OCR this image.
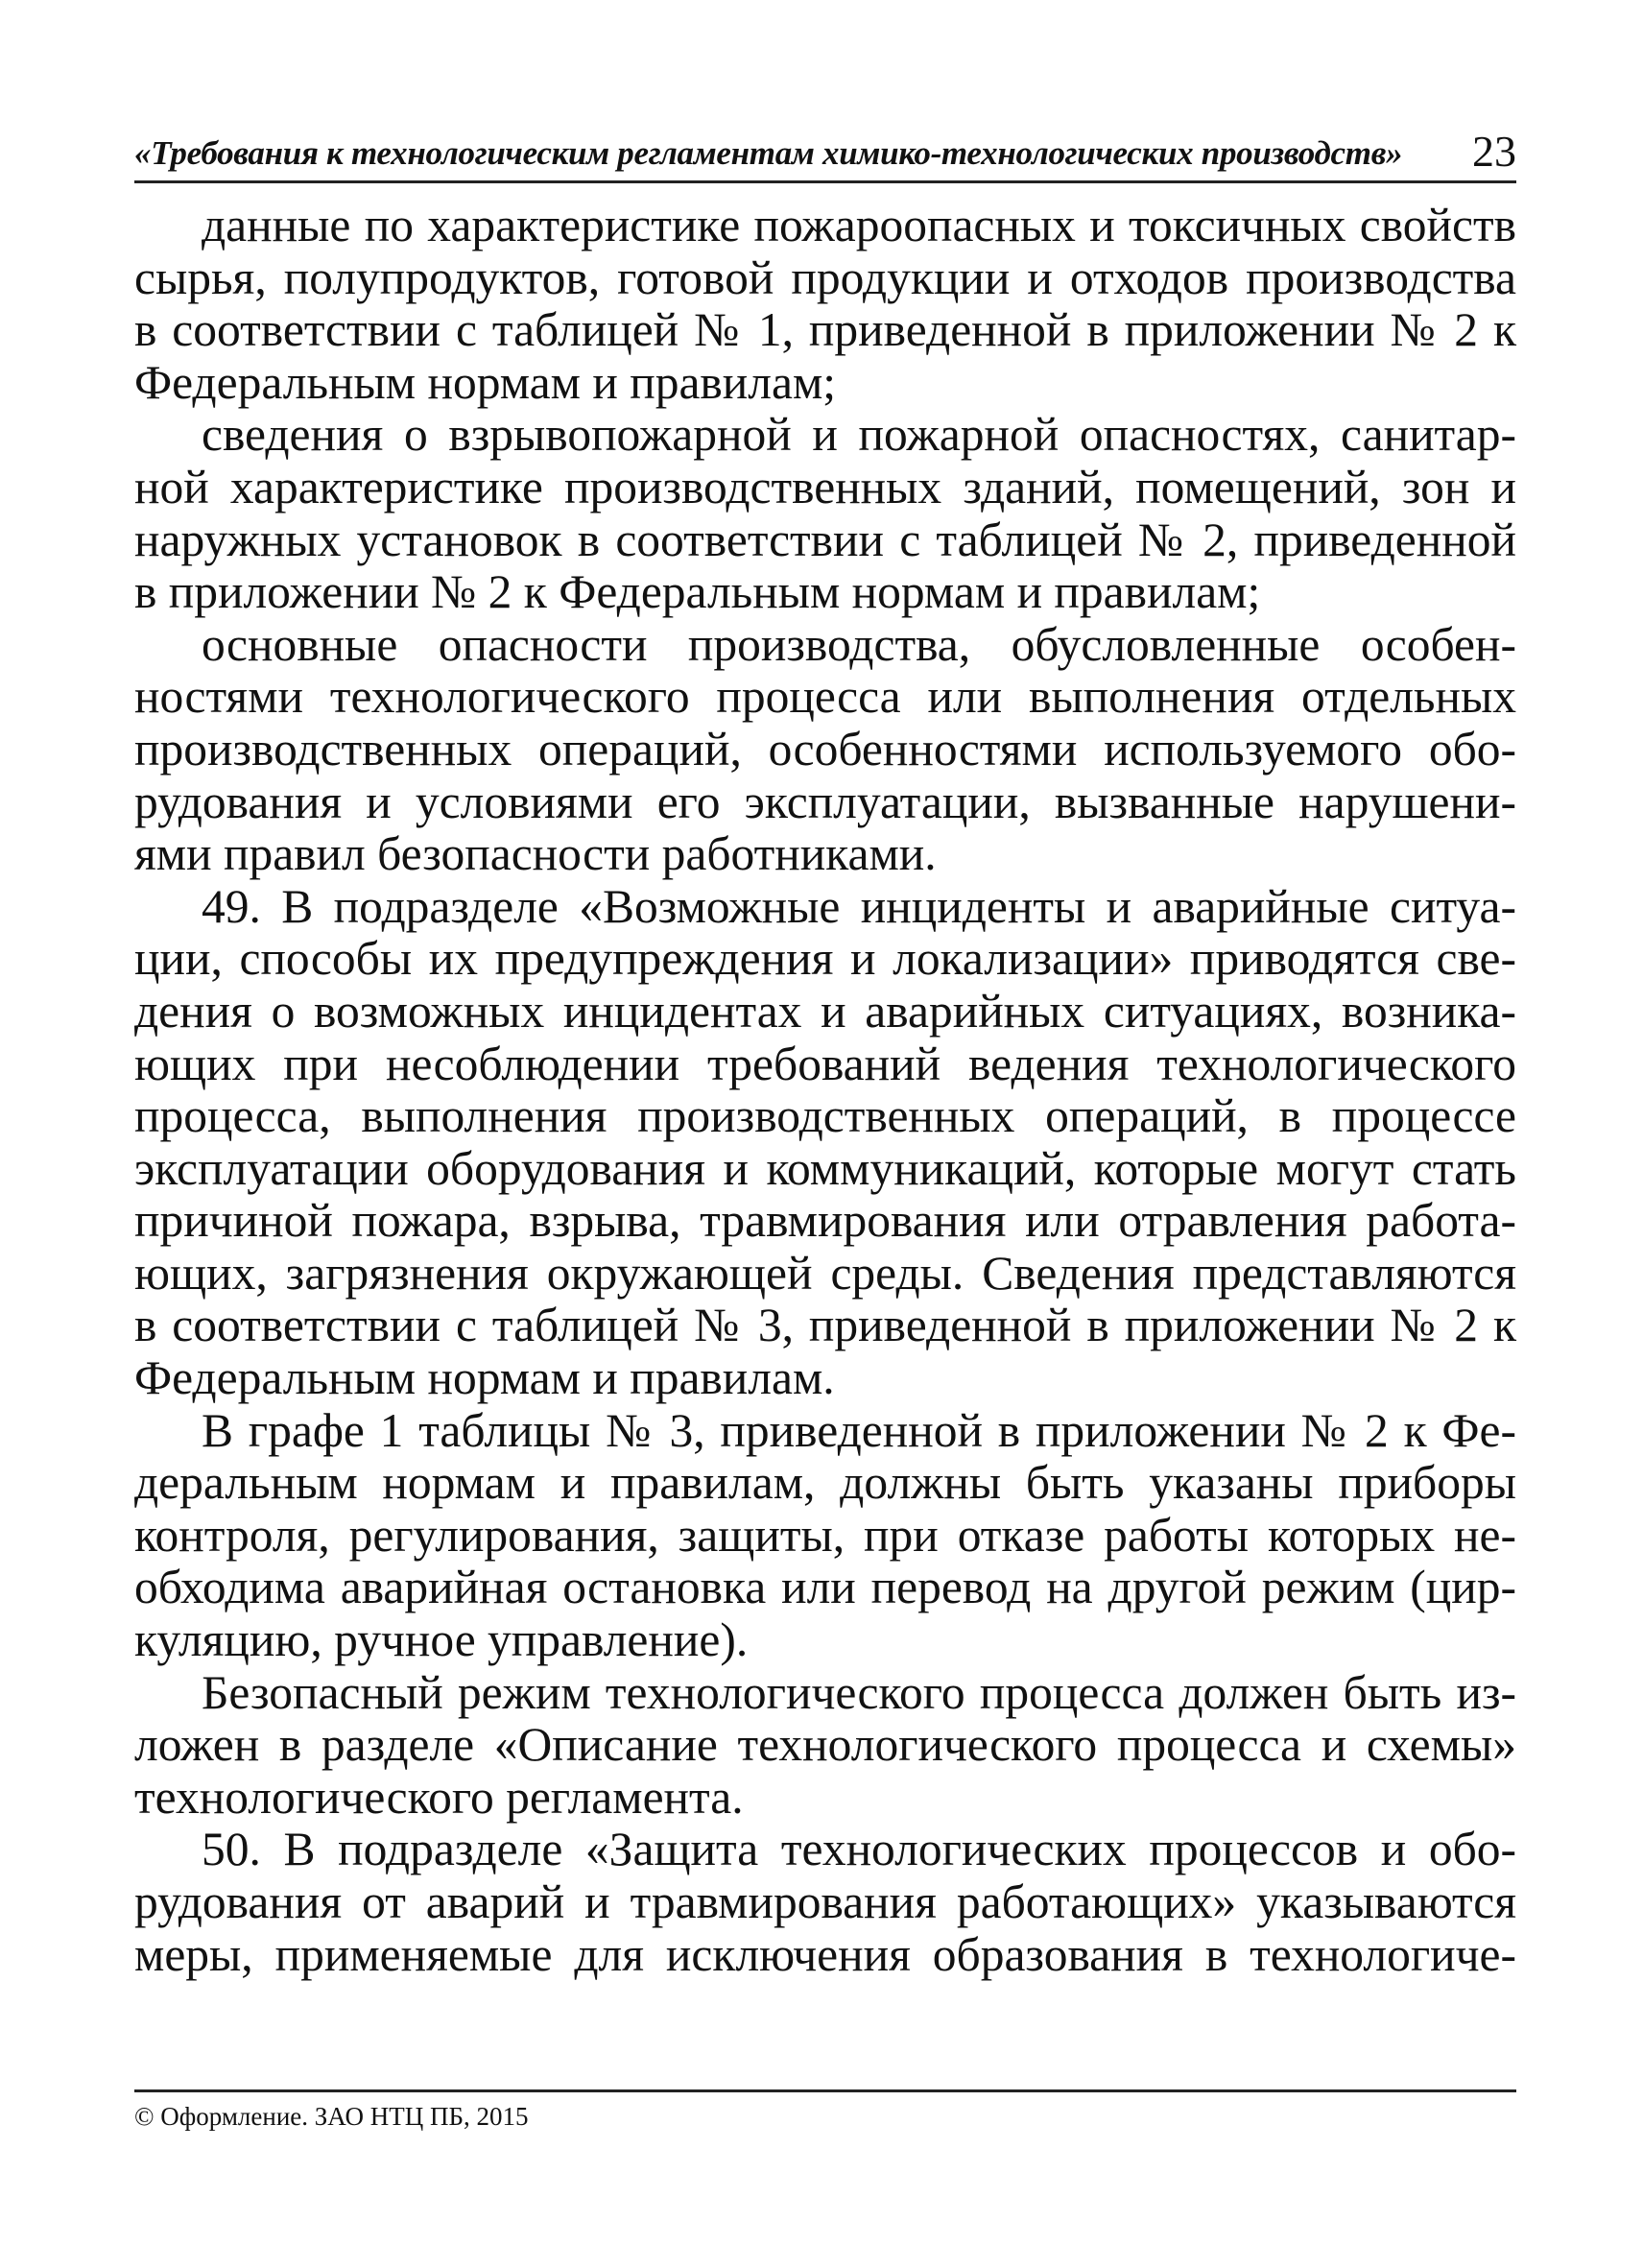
«Требования к технологическим регламентам химико-технологических производств» 23
данные по характеристике пожароопасных и токсичных свойств
сырья, полупродуктов, готовой продукции и отходов производства
в соответствии с таблицей № 1, приведенной в приложении № 2 к
Федеральным нормам и правилам;
сведения о взрывопожарной и пожарной опасностях, санитар-
ной характеристике производственных зданий, помещений, зон и
наружных установок в соответствии с таблицей № 2, приведенной
в приложении № 2 к Федеральным нормам и правилам;
основные опасности производства, обусловленные особен-
ностями технологического процесса или выполнения отдельных
производственных операций, особенностями используемого обо-
рудования и условиями его эксплуатации, вызванные нарушени-
ями правил безопасности работниками.
49. В подразделе «Возможные инциденты и аварийные ситуа-
ции, способы их предупреждения и локализации» приводятся све-
дения о возможных инцидентах и аварийных ситуациях, возника-
ющих при несоблюдении требований ведения технологического
процесса, выполнения производственных операций, в процессе
эксплуатации оборудования и коммуникаций, которые могут стать
причиной пожара, взрыва, травмирования или отравления работа-
ющих, загрязнения окружающей среды. Сведения представляются
в соответствии с таблицей № 3, приведенной в приложении № 2 к
Федеральным нормам и правилам.
В графе 1 таблицы № 3, приведенной в приложении № 2 к Фе-
деральным нормам и правилам, должны быть указаны приборы
контроля, регулирования, защиты, при отказе работы которых не-
обходима аварийная остановка или перевод на другой режим (цир-
куляцию, ручное управление).
Безопасный режим технологического процесса должен быть из-
ложен в разделе «Описание технологического процесса и схемы»
технологического регламента.
50. В подразделе «Защита технологических процессов и обо-
рудования от аварий и травмирования работающих» указываются
меры, применяемые для исключения образования в технологиче-
© Оформление. ЗАО НТЦ ПБ, 2015
